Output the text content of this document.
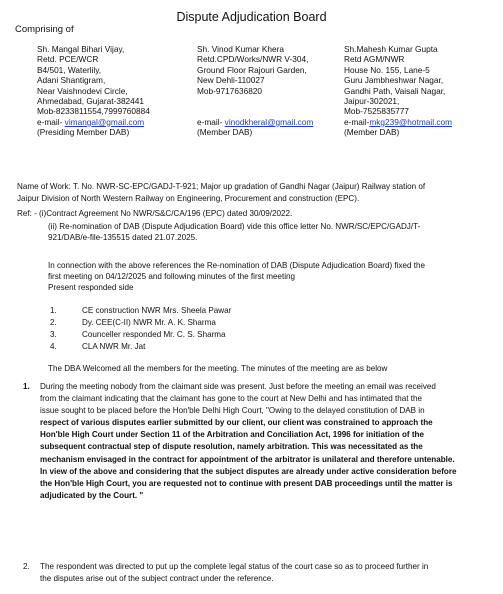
Dispute Adjudication Board
Comprising of
Sh. Mangal Bihari Vijay,
Retd. PCE/WCR
B4/501, Waterlily,
Adani Shantigram,
Near Vaishnodevi Circle,
Ahmedabad, Gujarat-382441
Mob-8233811554,7999760884
e-mail- vimangal@gmail.com
(Presiding Member DAB)
Sh. Vinod Kumar Khera
Retd.CPD/Works/NWR V-304,
Ground Floor Rajouri Garden,
New Dehli-110027
Mob-9717636820
e-mail- vinodkheral@gmail.com
(Member DAB)
Sh.Mahesh Kumar Gupta
Retd AGM/NWR
House No. 155, Lane-5
Guru Jambheshwar Nagar,
Gandhi Path, Vaisali Nagar,
Jaipur-302021,
Mob-7525835777
e-mail-mkg239@hotmail.com
(Member DAB)
Name of Work: T. No. NWR-SC-EPC/GADJ-T-921; Major up gradation of Gandhi Nagar (Jaipur) Railway station of
Jaipur Division of North Western Railway on Engineering, Procurement and construction (EPC).
Ref: - (i)Contract Agreement No NWR/S&C/CA/196 (EPC) dated 30/09/2022.
(ii) Re-nomination of DAB (Dispute Adjudication Board) vide this office letter No. NWR/SC/EPC/GADJ/T-
921/DAB/e-file-135515 dated 21.07.2025.
In connection with the above references the Re-nomination of DAB (Dispute Adjudication Board) fixed the
first meeting on 04/12/2025 and following minutes of the first meeting
Present responded side
1.	CE construction NWR Mrs. Sheela Pawar
2.	Dy. CEE(C-II) NWR Mr. A. K. Sharma
3.	Counceller responded Mr. C. S. Sharma
4.	CLA NWR Mr. Jat
The DBA Welcomed all the members for the meeting. The minutes of the meeting are as below
1. During the meeting nobody from the claimant side was present. Just before the meeting an email was received
from the claimant indicating that the claimant has gone to the court at New Delhi and has intimated that the
issue sought to be placed before the Hon'ble Delhi High Court, "Owing to the delayed constitution of DAB in
respect of various disputes earlier submitted by our client, our client was constrained to approach the
Hon'ble High Court under Section 11 of the Arbitration and Conciliation Act, 1996 for initiation of the
subsequent contractual step of dispute resolution, namely arbitration. This was necessitated as the
mechanism envisaged in the contract for appointment of the arbitrator is unilateral and therefore untenable.
In view of the above and considering that the subject disputes are already under active consideration before
the Hon'ble High Court, you are requested not to continue with present DAB proceedings until the matter is
adjudicated by the Court. "
2. The respondent was directed to put up the complete legal status of the court case so as to proceed further in
the disputes arise out of the subject contract under the reference.
